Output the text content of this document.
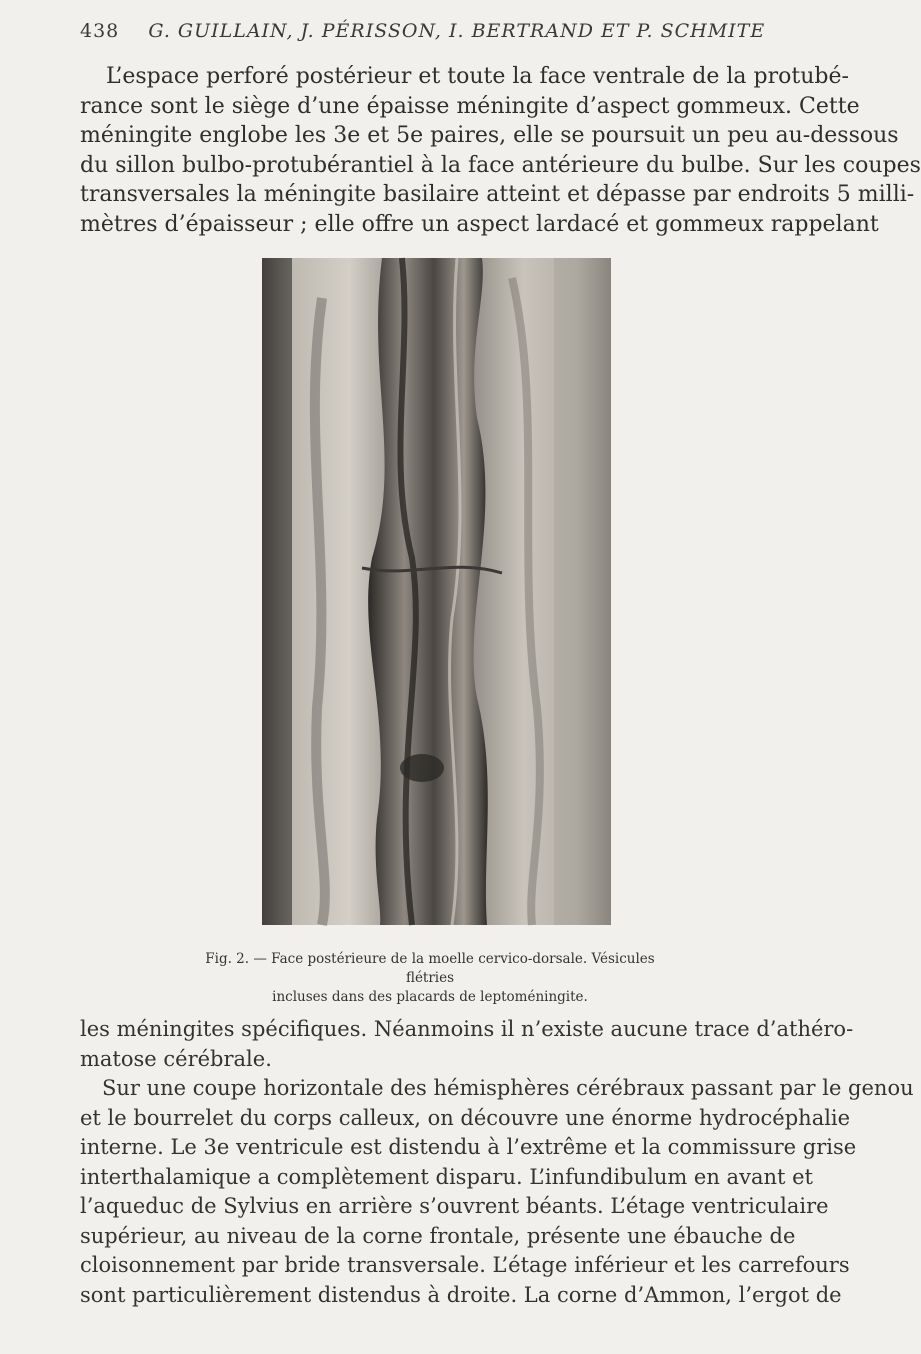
438 G. GUILLAIN, J. PÉRISSON, I. BERTRAND ET P. SCHMITE
L’espace perforé postérieur et toute la face ventrale de la protubé-
rance sont le siège d’une épaisse méningite d’aspect gommeux. Cette
méningite englobe les 3e et 5e paires, elle se poursuit un peu au-dessous
du sillon bulbo-protubérantiel à la face antérieure du bulbe. Sur les coupes
transversales la méningite basilaire atteint et dépasse par endroits 5 milli-
mètres d’épaisseur ; elle offre un aspect lardacé et gommeux rappelant
Fig. 2. — Face postérieure de la moelle cervico-dorsale. Vésicules flétries
incluses dans des placards de leptoméningite.
les méningites spécifiques. Néanmoins il n’existe aucune trace d’athéro-
matose cérébrale.
Sur une coupe horizontale des hémisphères cérébraux passant par le genou
et le bourrelet du corps calleux, on découvre une énorme hydrocéphalie
interne. Le 3e ventricule est distendu à l’extrême et la commissure grise
interthalamique a complètement disparu. L’infundibulum en avant et
l’aqueduc de Sylvius en arrière s’ouvrent béants. L’étage ventriculaire
supérieur, au niveau de la corne frontale, présente une ébauche de
cloisonnement par bride transversale. L’étage inférieur et les carrefours
sont particulièrement distendus à droite. La corne d’Ammon, l’ergot de
